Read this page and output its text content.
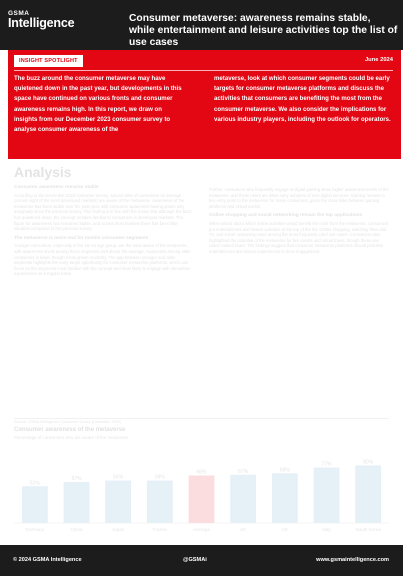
GSMA
Intelligence	Consumer metaverse: awareness remains stable, while entertainment and leisure activities top the list of use cases
INSIGHT SPOTLIGHT	June 2024
The buzz around the consumer metaverse may have quietened down in the past year, but developments in this space have continued on various fronts and consumer awareness remains high. In this report, we draw on insights from our December 2023 consumer survey to analyse consumer awareness of the
metaverse, look at which consumer segments could be early targets for consumer metaverse platforms and discuss the activities that consumers are benefiting the most from the consumer metaverse. We also consider the implications for various industry players, including the outlook for operators.
Analysis
Consumer awareness remains stable

According to the December 2023 consumer survey, around 60% of consumers on average (across eight of the most developed markets) are aware of the metaverse. Awareness of the metaverse has been stable over the past year, with consumer awareness having grown only marginally since the previous survey. This finding is in line with the notion that although the buzz has quietened down, the concept remains familiar to consumers in developed markets. The figure for awareness has remained stable, and across most markets there has been little variation compared to the previous survey.

The metaverse is more real for mobile consumer segments

Younger consumers, especially in the 16–44 age group, are the most aware of the metaverse, with awareness levels among these segments well above the average. Awareness among older consumers is lower, though it has grown modestly. The gap between younger and older segments highlights the early-target opportunity for consumer metaverse platforms, which can focus on the segments most familiar with the concept and most likely to engage with immersive experiences on a regular basis.

Further, consumers who frequently engage in digital gaming show higher awareness levels of the metaverse, and these users are often early adopters of new digital services. Gaming remains a key entry point to the metaverse for many consumers, given the close links between gaming platforms and virtual worlds.

Online shopping and social networking remain the top applications

When asked about which online activities would benefit the most from the metaverse, consumers put entertainment and leisure activities at the top of the list. Online shopping, watching films and TV, and social networking were among the most frequently cited use cases. Consumers also highlighted the potential of the metaverse for live events and virtual travel, though these use cases ranked lower. The findings suggest that consumer metaverse platforms should prioritise entertainment and leisure experiences to drive engagement.

Source: GSMA Intelligence Consumer Survey (December 2023)
Consumer awareness of the metaverse
Percentage of consumers who are aware of the metaverse
51%
Germany
57%
China
59%
Japan
59%
France
66%
Average
67%
UK
69%
UK
77%
Italy
80%
South Korea
© 2024 GSMA Intelligence	@GSMAi	www.gsmaintelligence.com
